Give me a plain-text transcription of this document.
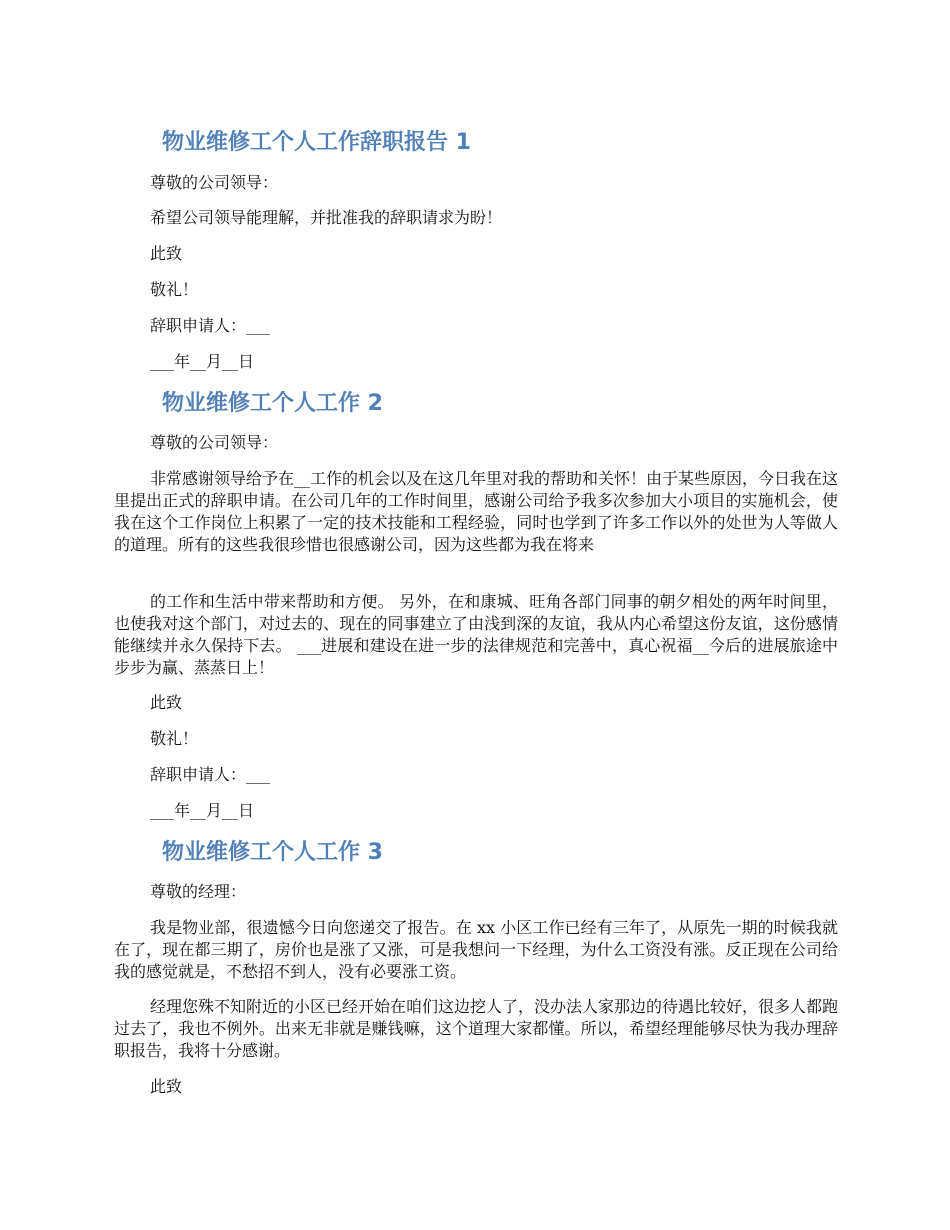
物业维修工个人工作辞职报告 1

尊敬的公司领导：

希望公司领导能理解，并批准我的辞职请求为盼！

此致

敬礼！

辞职申请人：___

___年__月__日

物业维修工个人工作 2

尊敬的公司领导：

非常感谢领导给予在__工作的机会以及在这几年里对我的帮助和关怀！由于某些原因，今日我在这里提出正式的辞职申请。在公司几年的工作时间里，感谢公司给予我多次参加大小项目的实施机会，使我在这个工作岗位上积累了一定的技术技能和工程经验，同时也学到了许多工作以外的处世为人等做人的道理。所有的这些我很珍惜也很感谢公司，因为这些都为我在将来

的工作和生活中带来帮助和方便。 另外，在和康城、旺角各部门同事的朝夕相处的两年时间里，也使我对这个部门，对过去的、现在的同事建立了由浅到深的友谊，我从内心希望这份友谊，这份感情能继续并永久保持下去。 ___进展和建设在进一步的法律规范和完善中，真心祝福__今后的进展旅途中步步为赢、蒸蒸日上！

此致

敬礼！

辞职申请人：___

___年__月__日

物业维修工个人工作 3

尊敬的经理：

我是物业部，很遗憾今日向您递交了报告。在 xx 小区工作已经有三年了，从原先一期的时候我就在了，现在都三期了，房价也是涨了又涨，可是我想问一下经理，为什么工资没有涨。反正现在公司给我的感觉就是，不愁招不到人，没有必要涨工资。

经理您殊不知附近的小区已经开始在咱们这边挖人了，没办法人家那边的待遇比较好，很多人都跑过去了，我也不例外。出来无非就是赚钱嘛，这个道理大家都懂。所以，希望经理能够尽快为我办理辞职报告，我将十分感谢。

此致
